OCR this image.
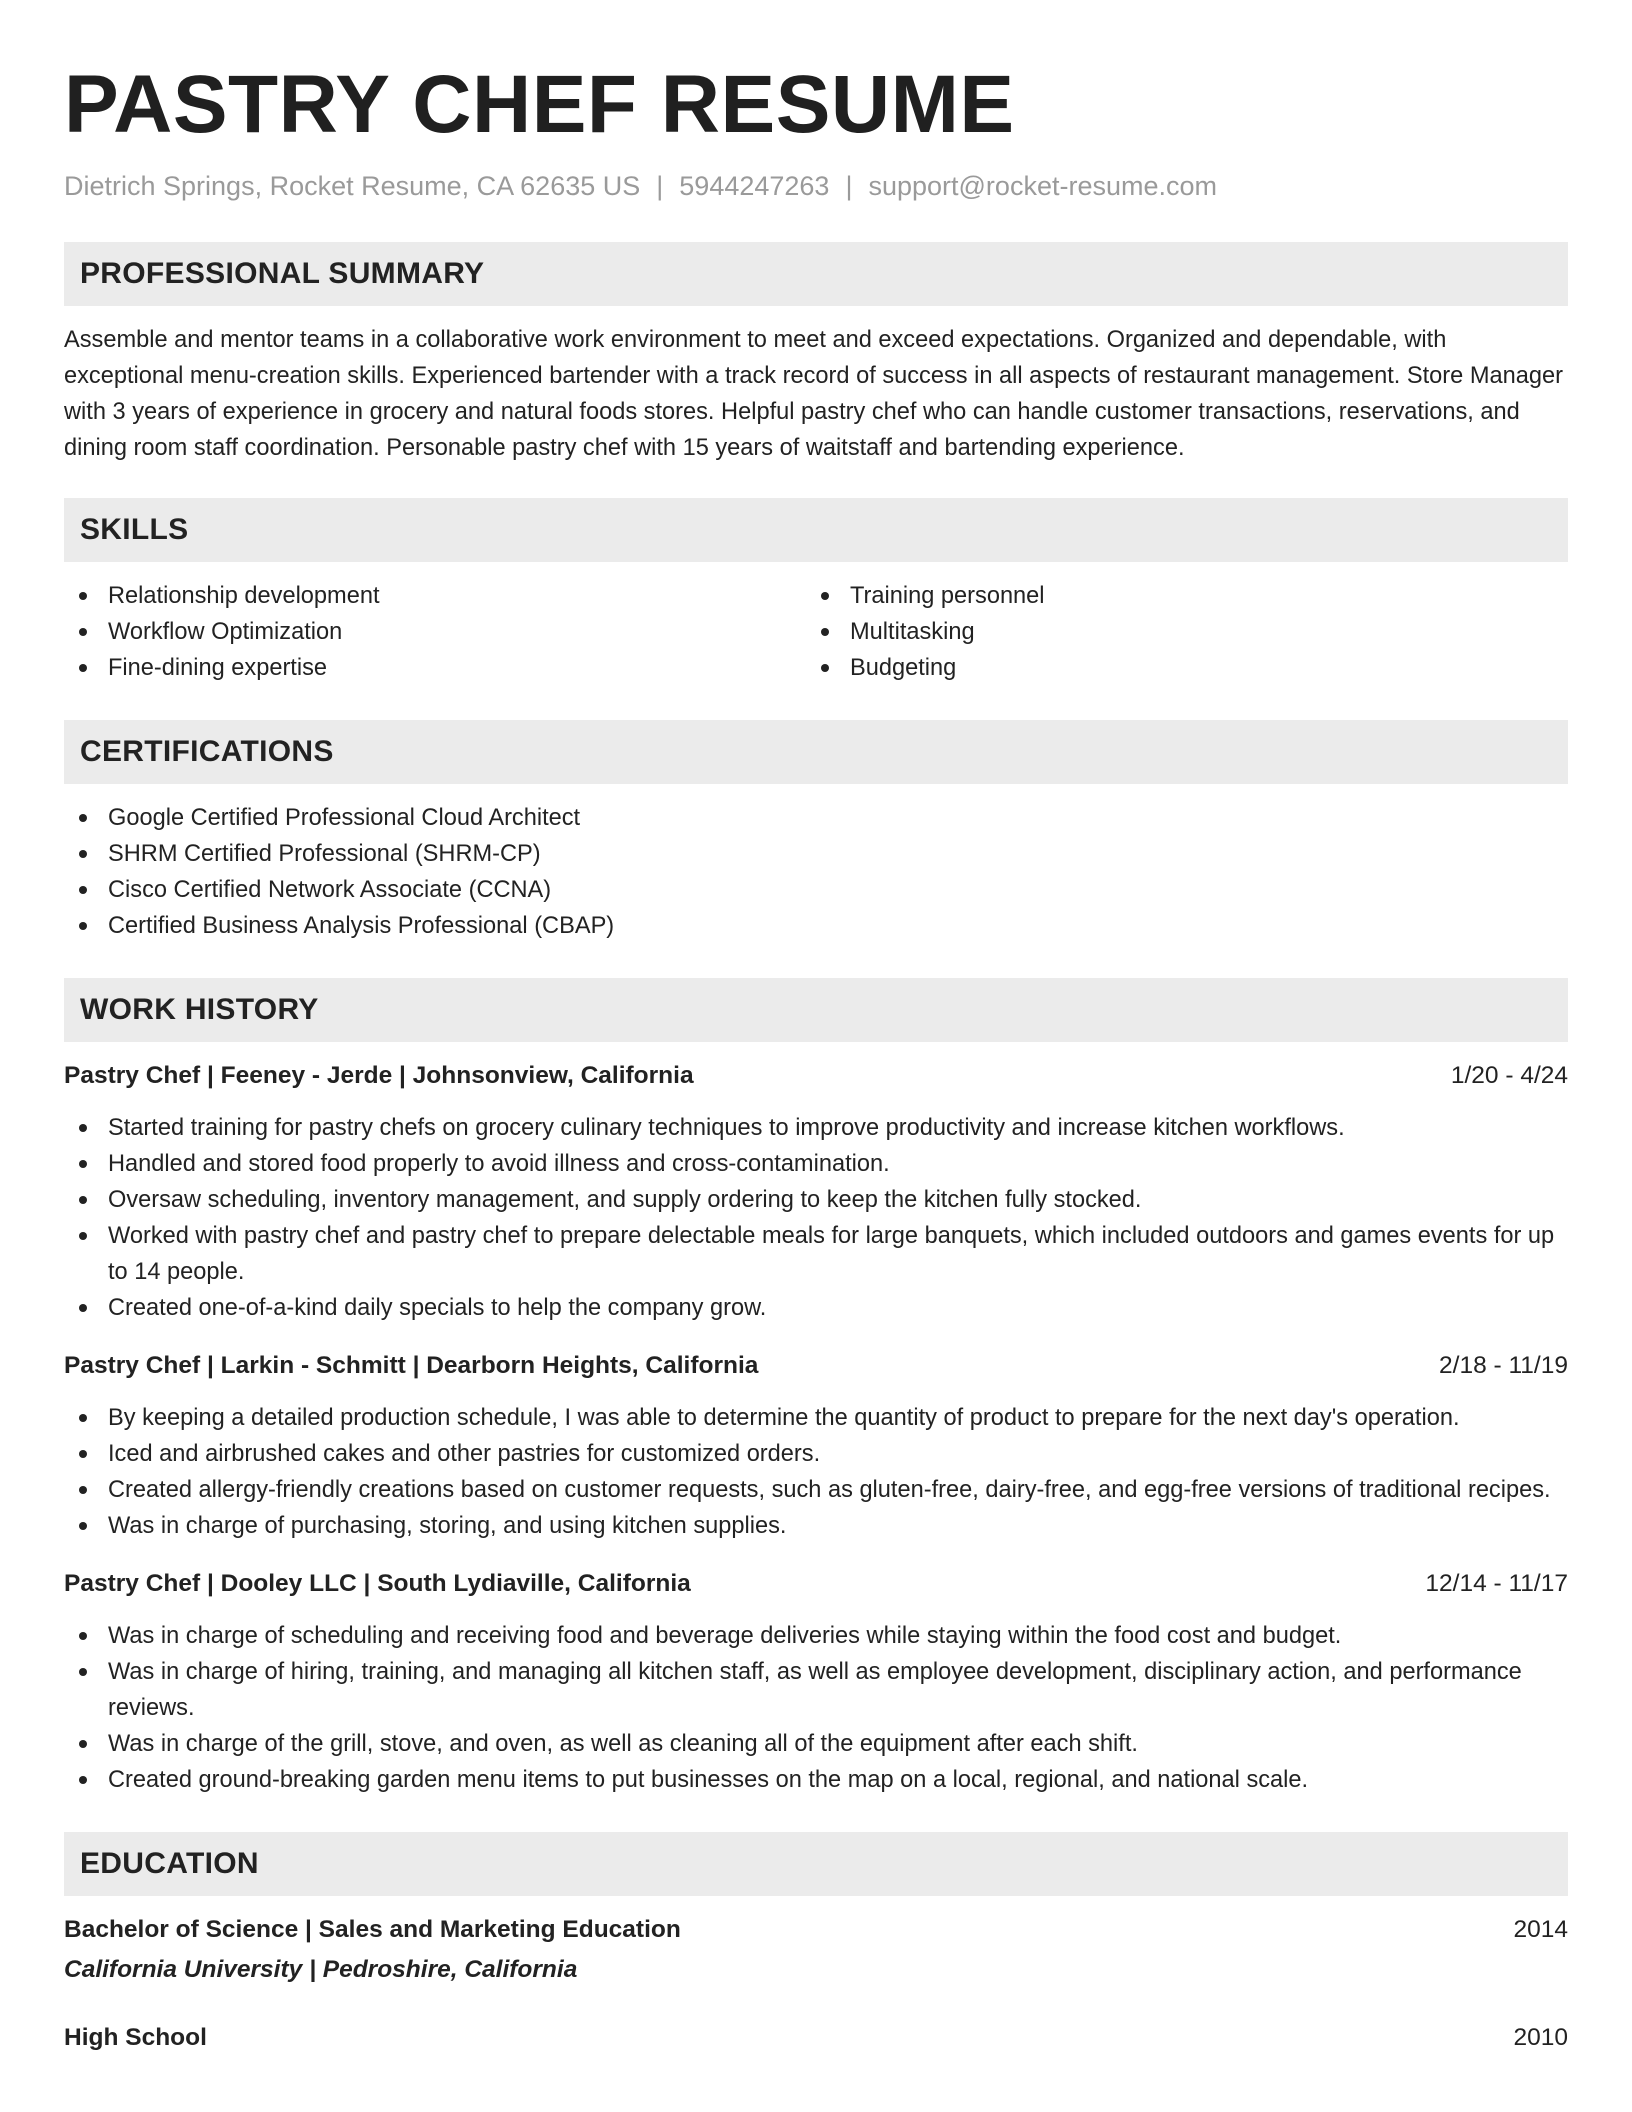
PASTRY CHEF RESUME
Dietrich Springs, Rocket Resume, CA 62635 US | 5944247263 | support@rocket-resume.com
PROFESSIONAL SUMMARY

Assemble and mentor teams in a collaborative work environment to meet and exceed expectations. Organized and dependable, with exceptional menu-creation skills. Experienced bartender with a track record of success in all aspects of restaurant management. Store Manager with 3 years of experience in grocery and natural foods stores. Helpful pastry chef who can handle customer transactions, reservations, and dining room staff coordination. Personable pastry chef with 15 years of waitstaff and bartending experience.

SKILLS
Relationship development
Workflow Optimization
Fine-dining expertise
Training personnel
Multitasking
Budgeting
CERTIFICATIONS
Google Certified Professional Cloud Architect
SHRM Certified Professional (SHRM-CP)
Cisco Certified Network Associate (CCNA)
Certified Business Analysis Professional (CBAP)
WORK HISTORY
Pastry Chef | Feeney - Jerde | Johnsonview, California	1/20 - 4/24
Started training for pastry chefs on grocery culinary techniques to improve productivity and increase kitchen workflows.
Handled and stored food properly to avoid illness and cross-contamination.
Oversaw scheduling, inventory management, and supply ordering to keep the kitchen fully stocked.
Worked with pastry chef and pastry chef to prepare delectable meals for large banquets, which included outdoors and games events for up to 14 people.
Created one-of-a-kind daily specials to help the company grow.
Pastry Chef | Larkin - Schmitt | Dearborn Heights, California	2/18 - 11/19
By keeping a detailed production schedule, I was able to determine the quantity of product to prepare for the next day's operation.
Iced and airbrushed cakes and other pastries for customized orders.
Created allergy-friendly creations based on customer requests, such as gluten-free, dairy-free, and egg-free versions of traditional recipes.
Was in charge of purchasing, storing, and using kitchen supplies.
Pastry Chef | Dooley LLC | South Lydiaville, California	12/14 - 11/17
Was in charge of scheduling and receiving food and beverage deliveries while staying within the food cost and budget.
Was in charge of hiring, training, and managing all kitchen staff, as well as employee development, disciplinary action, and performance reviews.
Was in charge of the grill, stove, and oven, as well as cleaning all of the equipment after each shift.
Created ground-breaking garden menu items to put businesses on the map on a local, regional, and national scale.
EDUCATION
Bachelor of Science | Sales and Marketing Education	2014
California University | Pedroshire, California
High School	2010
